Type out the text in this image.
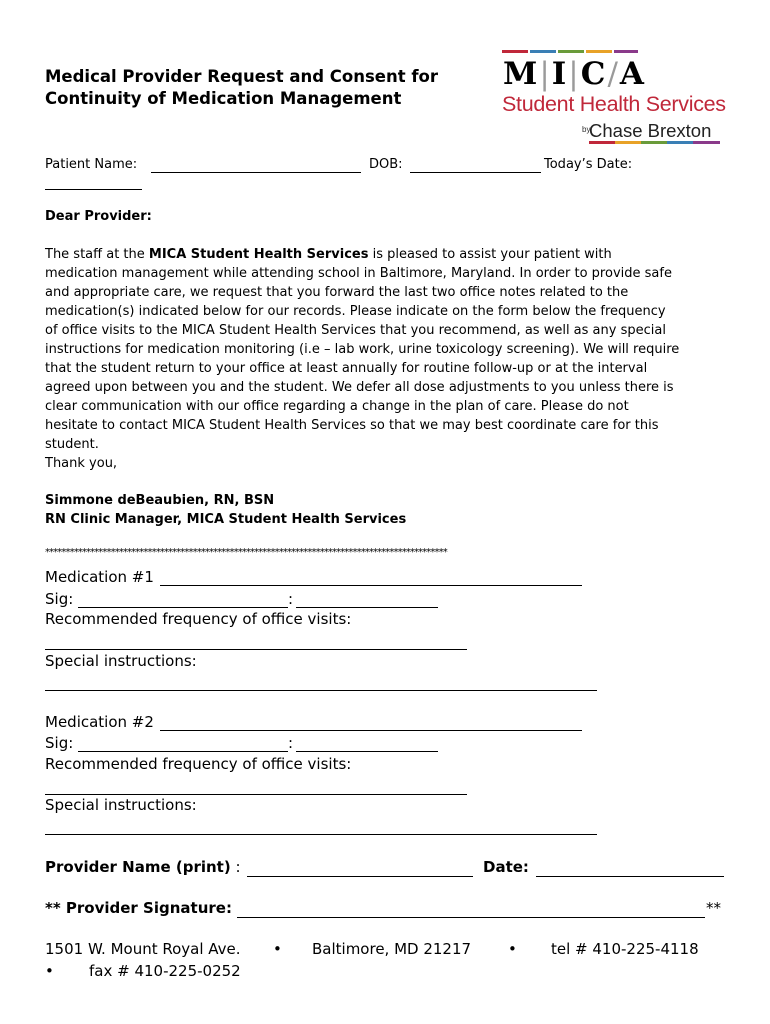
Medical Provider Request and Consent for
Continuity of Medication Management
M|I|C/A
Student Health Services
by
Chase Brexton
Patient Name:	DOB:	Today’s Date:
Dear Provider:
The staff at the MICA Student Health Services is pleased to assist your patient with
medication management while attending school in Baltimore, Maryland. In order to provide safe
and appropriate care, we request that you forward the last two office notes related to the
medication(s) indicated below for our records. Please indicate on the form below the frequency
of office visits to the MICA Student Health Services that you recommend, as well as any special
instructions for medication monitoring (i.e – lab work, urine toxicology screening). We will require
that the student return to your office at least annually for routine follow-up or at the interval
agreed upon between you and the student. We defer all dose adjustments to you unless there is
clear communication with our office regarding a change in the plan of care. Please do not
hesitate to contact MICA Student Health Services so that we may best coordinate care for this
student.
Thank you,
Simmone deBeaubien, RN, BSN
RN Clinic Manager, MICA Student Health Services
**************************************************************************************************
Medication #1
Sig:	:
Recommended frequency of office visits:
Special instructions:
Medication #2
Sig:	:
Recommended frequency of office visits:
Special instructions:
Provider Name (print) :	Date:
** Provider Signature:	**
1501 W. Mount Royal Ave. • Baltimore, MD 21217 • tel # 410-225-4118
• fax # 410-225-0252
